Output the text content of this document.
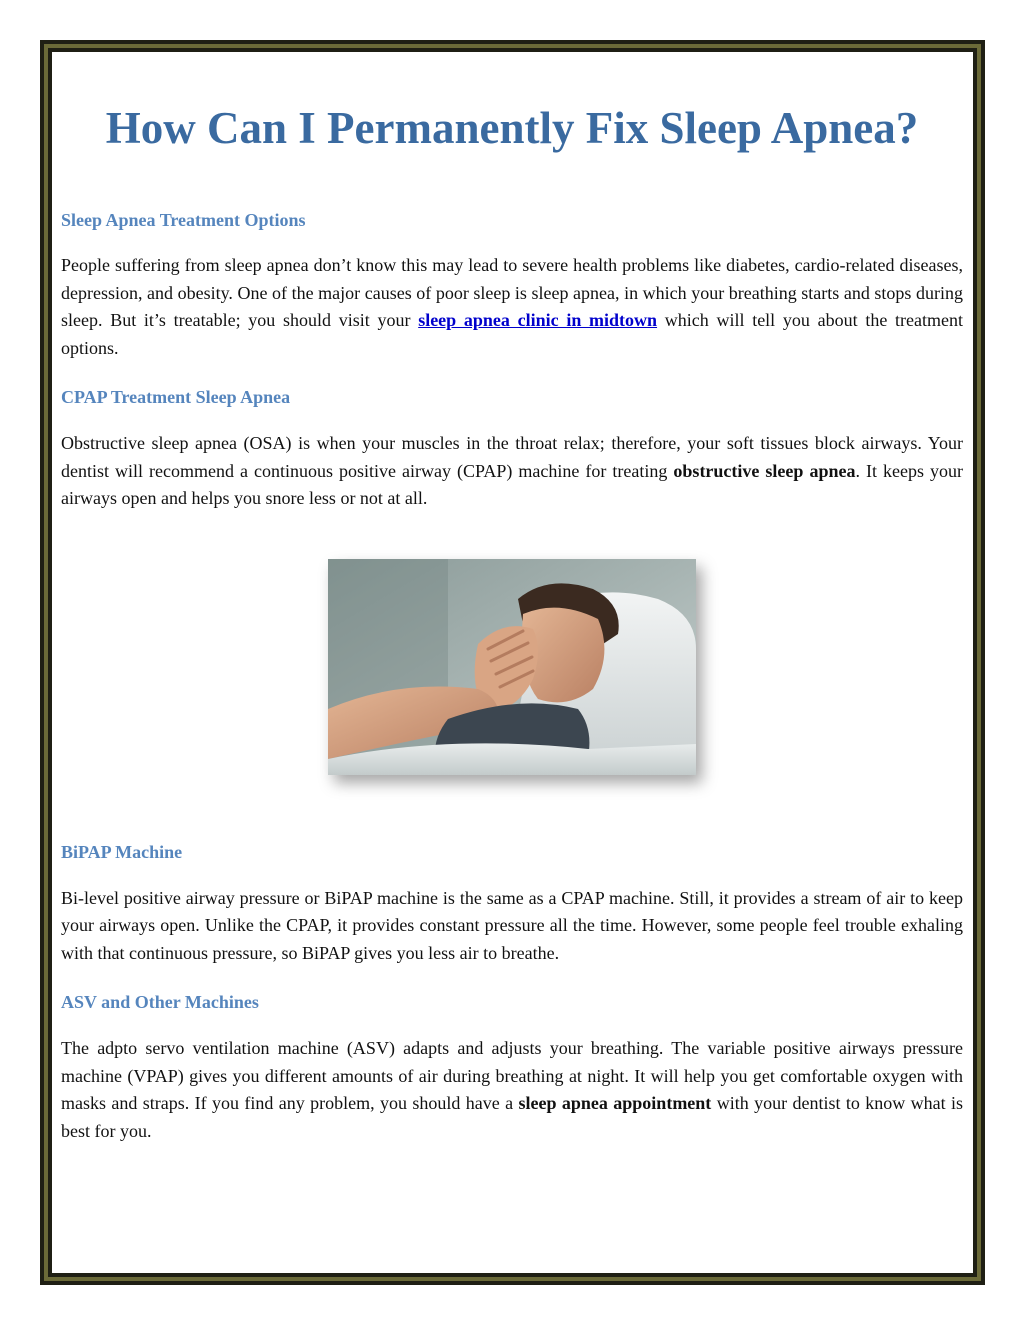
How Can I Permanently Fix Sleep Apnea?
Sleep Apnea Treatment Options

People suffering from sleep apnea don’t know this may lead to severe health problems like diabetes, cardio-related diseases, depression, and obesity. One of the major causes of poor sleep is sleep apnea, in which your breathing starts and stops during sleep. But it’s treatable; you should visit your sleep apnea clinic in midtown which will tell you about the treatment options.

CPAP Treatment Sleep Apnea

Obstructive sleep apnea (OSA) is when your muscles in the throat relax; therefore, your soft tissues block airways. Your dentist will recommend a continuous positive airway (CPAP) machine for treating obstructive sleep apnea. It keeps your airways open and helps you snore less or not at all.

BiPAP Machine

Bi-level positive airway pressure or BiPAP machine is the same as a CPAP machine. Still, it provides a stream of air to keep your airways open. Unlike the CPAP, it provides constant pressure all the time. However, some people feel trouble exhaling with that continuous pressure, so BiPAP gives you less air to breathe.

ASV and Other Machines

The adpto servo ventilation machine (ASV) adapts and adjusts your breathing. The variable positive airways pressure machine (VPAP) gives you different amounts of air during breathing at night. It will help you get comfortable oxygen with masks and straps. If you find any problem, you should have a sleep apnea appointment with your dentist to know what is best for you.
